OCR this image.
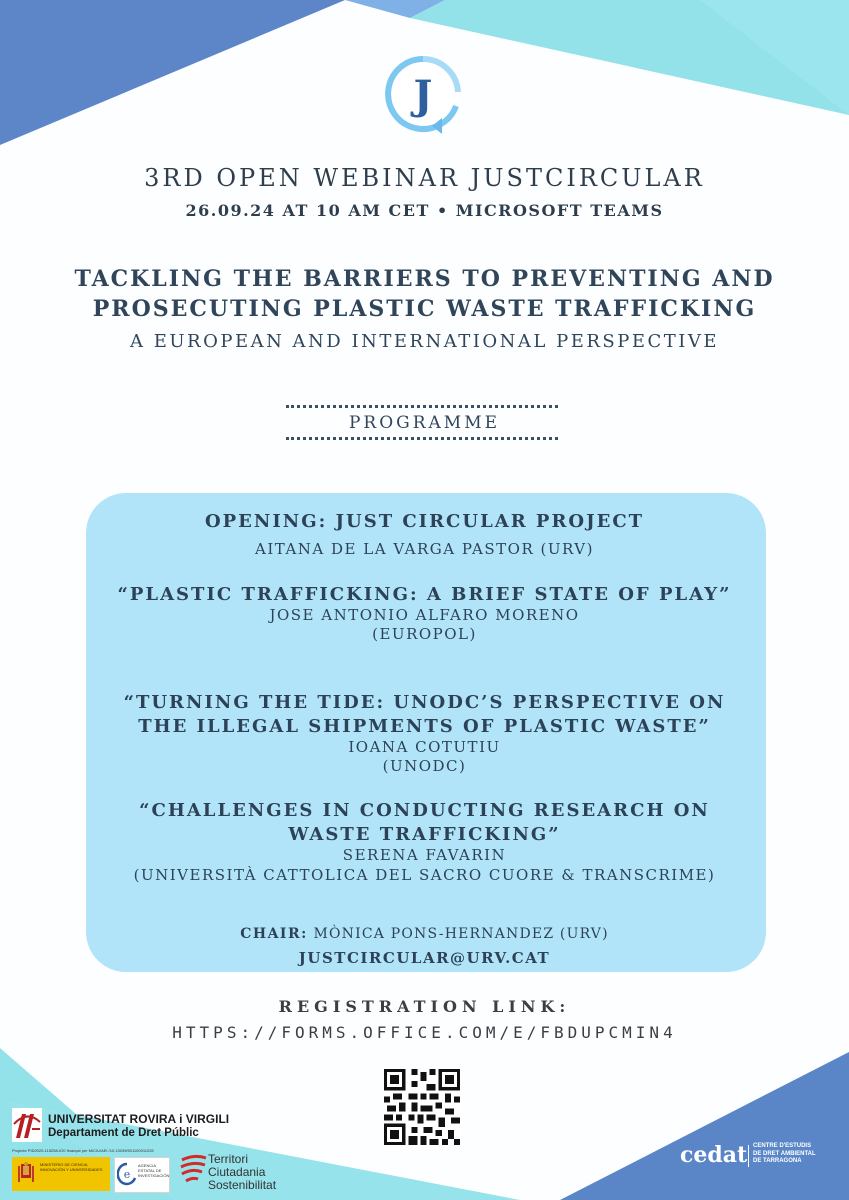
J
3RD OPEN WEBINAR JUSTCIRCULAR
26.09.24 AT 10 AM CET • MICROSOFT TEAMS
TACKLING THE BARRIERS TO PREVENTING AND
PROSECUTING PLASTIC WASTE TRAFFICKING
A EUROPEAN AND INTERNATIONAL PERSPECTIVE
PROGRAMME
OPENING: JUST CIRCULAR PROJECT
AITANA DE LA VARGA PASTOR (URV)
“PLASTIC TRAFFICKING: A BRIEF STATE OF PLAY”
JOSE ANTONIO ALFARO MORENO
(EUROPOL)
“TURNING THE TIDE: UNODC’S PERSPECTIVE ON
THE ILLEGAL SHIPMENTS OF PLASTIC WASTE”
IOANA COTUTIU
(UNODC)
“CHALLENGES IN CONDUCTING RESEARCH ON
WASTE TRAFFICKING”
SERENA FAVARIN
(UNIVERSITÀ CATTOLICA DEL SACRO CUORE & TRANSCRIME)
CHAIR: MÒNICA PONS-HERNANDEZ (URV)
JUSTCIRCULAR@URV.CAT
REGISTRATION LINK:
HTTPS://FORMS.OFFICE.COM/E/FBDUPCMIN4
UNIVERSITAT ROVIRA i VIRGILI
Departament de Dret Públic
Projecte PID2020-115258-IO0 finançat per MICIU/AEI /10.13039/501100011033
MINISTERIO DE CIENCIA, INNOVACIÓN Y UNIVERSIDADES e
AGENCIA ESTATAL DE INVESTIGACIÓN
Territori
Ciutadania
Sostenibilitat
cedat CENTRE D'ESTUDIS
DE DRET AMBIENTAL
DE TARRAGONA
